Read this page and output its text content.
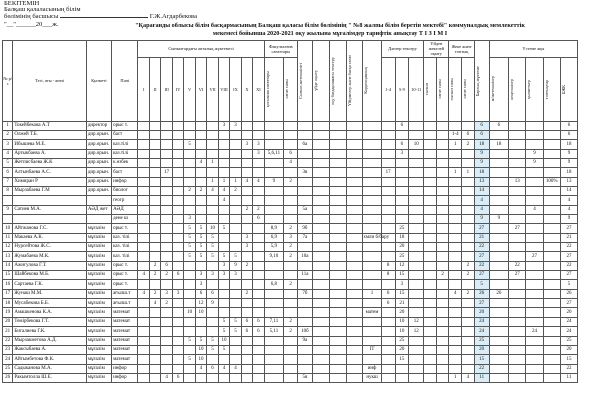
БЕКІТЕМІН
Балқаш қалаласының білім
бөлімінің басшысы	Г.Ж.Агдарбекова
"__"______20___ж.	"Қарағанды облысы білім басқармасының Балқаш қаласы білім бөлімінің " №8 жалпы білім беретін мектебі" коммуналдық мемлекеттік
мекемесі бойынша 2020-2021 оқу жылына мұғалімдер тарифтік анықтау Т І З І М І
№ р/с	Тегі, аты - жөні	Қызметі	Пәні	Сыныптардағы апталық жүктемесі											Факультатив сағаттары		Сынып жетекшілігі	үйде оқыту	оқу бағдарламасы тексеру	Үйірмелер және басқа сағат	Коррекциялық	Дәптер тексеру			Үйден жекелей оқыту		Жеке және топтық		Барлық жүктеме	Үстеме ақы				
				I	II	III	IV	V	VI	VII	VIII	IX	X	XI	қосымша сағаттары	сағат саны						1-4	5-9	10-11	сынып	сағат саны	сынып саны	сағат саны		м/жетекшілер	кеңесшілер	қызметкер	топтықтар	БЖК

1	Токейбекова А.Т	директор	орыс т.								3	3											6						6	6				6
2	Олжей Т.Б.	дир.орын.	баст																								1-4	6	6					6
3	Ибышева М.Е.	дир.орын.	каз.тілі					5					3	3			6а						6	10			1	2	18	18				18
4	Артыкбаева А.	дир.орын.	каз.тілі											3	5,6,11	6							3						9			9		9
5	Жетписбаева Ж.К	дир.орын.	к.өзбек						4	1						4													9			9		9
6	Алтынбаева А.С.	дир.орын.	баст			17											3в					17					1	1	18					18
7	Химиран Р	дир.орын.	инфор							1	1	1	4	4	9	2													13		13		100%	13
8	Мырзабаева Г.М	дир.орын.	биолог					2	2	4	4	2																	14					14
			геогр								4																		4					4
9	Сатиев М.А.	АӘД жет	АӘД										2	2			5а												4			4		4
			денe ш					3						6															9	9				9
10	Айтжанова Г.С.	мұғалім	орыс т.					5	5	10	5				8,9	2	9б						25						27		27			27
11	Макаева А.К.	мұғалім	каз. тілі					5	5	5			3		6,9	3	7а				хмли б/бару		18						21					21
12	Нурсейтова Ж.С.	мұғалім	каз. тілі					5	5	5			3		5,9	2							20						22					22
13	Жумабаева М.К.	мұғалім	каз. тілі					5	5	5	5	5			9,10	2	10а						25						27			27		27
14	Ажигулова Г.Т.	мұғалім	орыс т.		2	6					3	9	2									8	12					2	22		22			22
15	Шайбекова М.Б.	мұғалім	орыс т.	4	2	2	6		3	3	3	3					11а					8	15			2		2	27		27			27
16	Сартаева Г.К.	мұғалім	орыс т.						3						6,8	2							3						5					5
17	Жунаш М.М.	мұғалім	ағылш.т	4	2	3	3		6	6			2				7б				1	6	15				4	2	26	26				26
18	Мусабекова Б.Б.	мұғалім	ағылш.т		4	2			12	9												6	21						27					27
19	Амашкенова К.А.	мұғалім	математ					10	10												матем		20						20					20
20	Темірбекова Г.Т.	мұғалім	математ								5	5	6	6	7,11	2							10	12					24					24
21	Бигалиева Г.К.	мұғалім	математ								5	5	6	6	5,11	2	10б						10	12					24			24		24
22	Мырзакметова А.Д.	мұғалім	математ					5	5	5	10						9а						25						25					25
23	Жаксыбаева А.	мұғалім	математ						10	5	5										IT		20						20					20
24	Айтымбетова Ф.К.	мұғалім	математ					5	10														15						15					15
25	Садыканова М.А.	мұғалім	инфор						4	6	4	4									инф								22					22
26	Ракымтолла Ш.Е.	мұғалім	инфор			4	6										5в				нукш						1	4	11					11
